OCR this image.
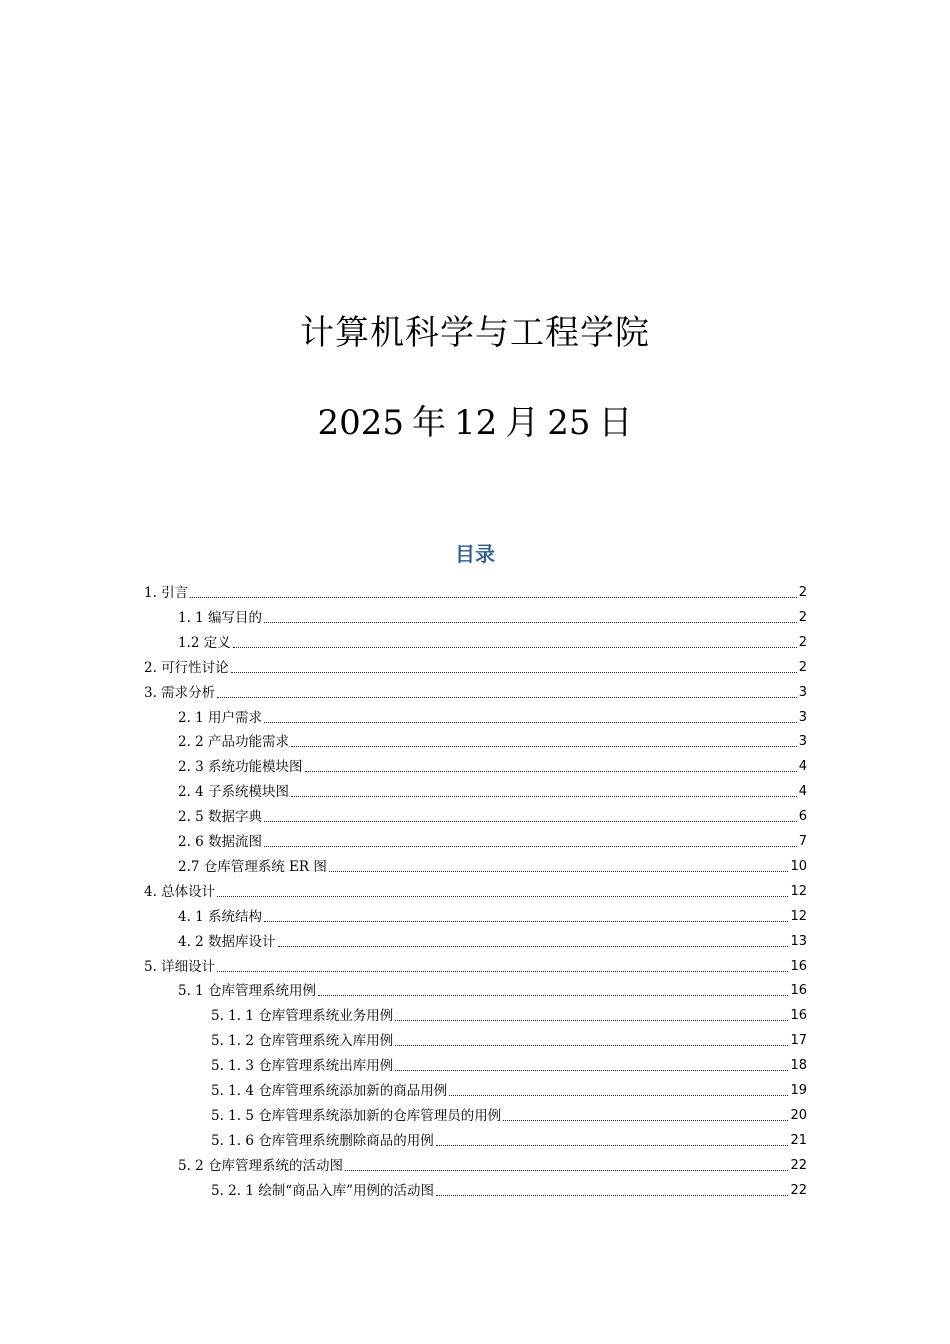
计算机科学与工程学院
2025 年 12 月 25 日
目录
1. 引言	2
1. 1 编写目的	2
1.2 定义	2
2. 可行性讨论	2
3. 需求分析	3
2. 1 用户需求	3
2. 2 产品功能需求	3
2. 3 系统功能模块图	4
2. 4 子系统模块图	4
2. 5 数据字典	6
2. 6 数据流图	7
2.7 仓库管理系统 ER 图	10
4. 总体设计	12
4. 1 系统结构	12
4. 2 数据库设计	13
5. 详细设计	16
5. 1 仓库管理系统用例	16
5. 1. 1 仓库管理系统业务用例	16
5. 1. 2 仓库管理系统入库用例	17
5. 1. 3 仓库管理系统出库用例	18
5. 1. 4 仓库管理系统添加新的商品用例	19
5. 1. 5 仓库管理系统添加新的仓库管理员的用例	20
5. 1. 6 仓库管理系统删除商品的用例	21
5. 2 仓库管理系统的活动图	22
5. 2. 1 绘制“商品入库”用例的活动图	22
